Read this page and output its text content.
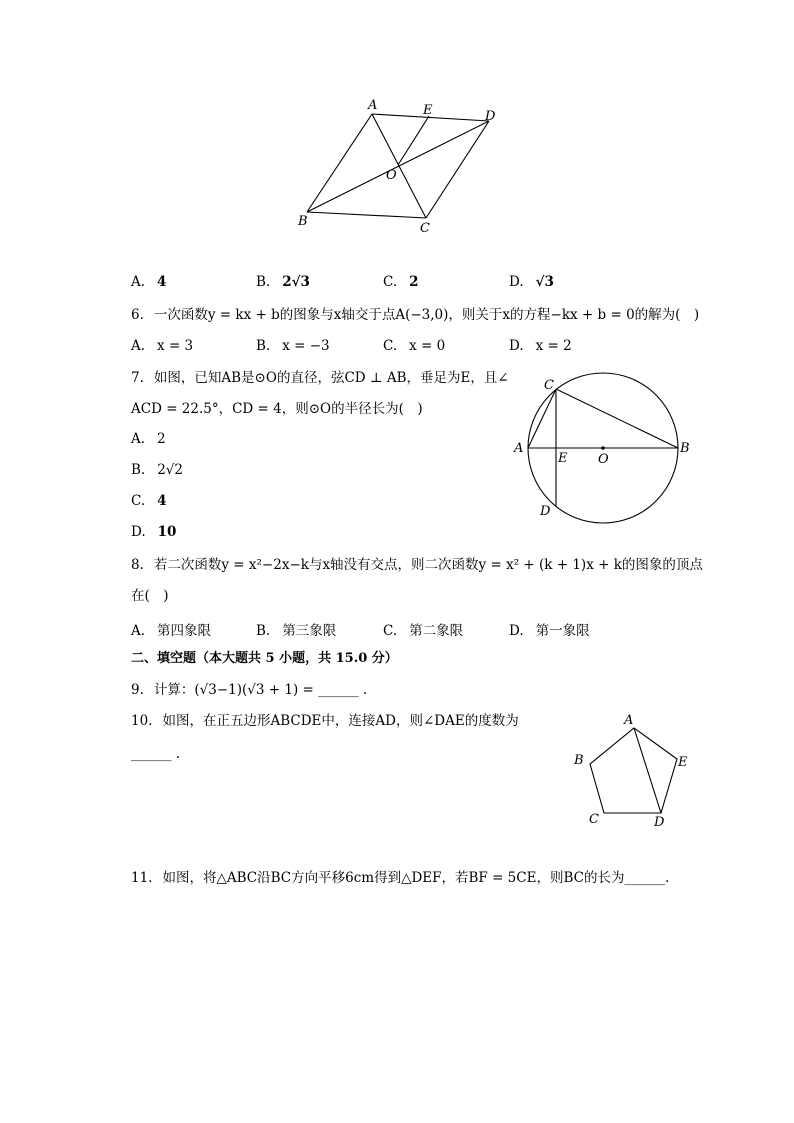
A	E	D
O
B	C
A. 4	B. 2√3	C. 2	D. √3
6. 一次函数y = kx + b的图象与x轴交于点A(−3,0)，则关于x的方程−kx + b = 0的解为(　)
A. x = 3	B. x = −3	C. x = 0	D. x = 2
7. 如图，已知AB是⊙O的直径，弦CD ⊥ AB，垂足为E，且∠
ACD = 22.5°，CD = 4，则⊙O的半径长为(　)
A. 2
B. 2√2
C. 4
D. 10
C
A
E O
B
D
8. 若二次函数y = x²−2x−k与x轴没有交点，则二次函数y = x² + (k + 1)x + k的图象的顶点
在(　)
A. 第四象限	B. 第三象限	C. 第二象限	D. 第一象限
二、填空题（本大题共 5 小题，共 15.0 分）
9. 计算：(√3−1)(√3 + 1) = ______ .
10. 如图，在正五边形ABCDE中，连接AD，则∠DAE的度数为
______ .
A
B	E
C	D
11. 如图，将△ABC沿BC方向平移6cm得到△DEF，若BF = 5CE，则BC的长为______.
